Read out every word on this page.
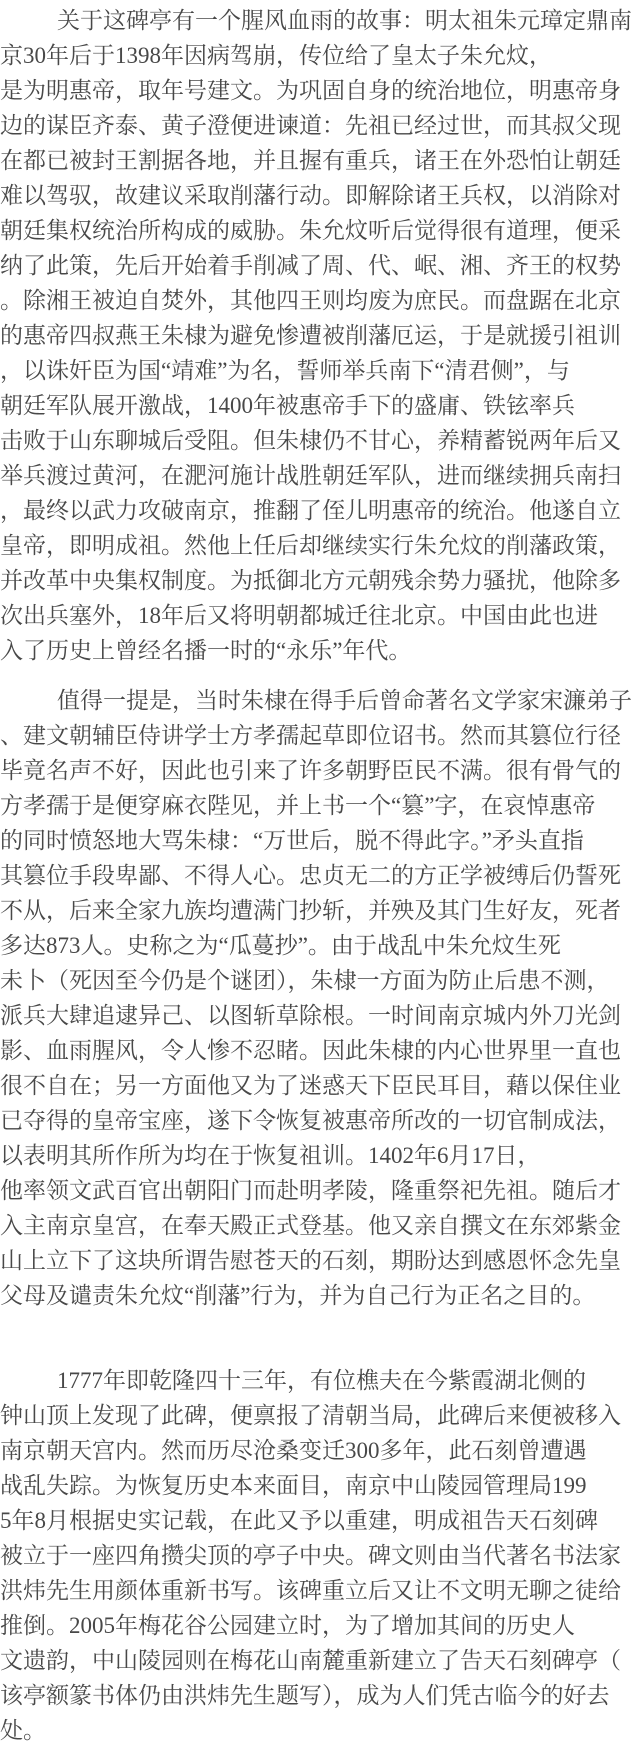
关于这碑亭有一个腥风血雨的故事：明太祖朱元璋定鼎南
京30年后于1398年因病驾崩，传位给了皇太子朱允炆，
是为明惠帝，取年号建文。为巩固自身的统治地位，明惠帝身
边的谋臣齐泰、黄子澄便进谏道：先祖已经过世，而其叔父现
在都已被封王割据各地，并且握有重兵，诸王在外恐怕让朝廷
难以驾驭，故建议采取削藩行动。即解除诸王兵权，以消除对
朝廷集权统治所构成的威胁。朱允炆听后觉得很有道理，便采
纳了此策，先后开始着手削减了周、代、岷、湘、齐王的权势
。除湘王被迫自焚外，其他四王则均废为庶民。而盘踞在北京
的惠帝四叔燕王朱棣为避免惨遭被削藩厄运，于是就援引祖训
，以诛奸臣为国“靖难”为名，誓师举兵南下“清君侧”，与
朝廷军队展开激战，1400年被惠帝手下的盛庸、铁铉率兵
击败于山东聊城后受阻。但朱棣仍不甘心，养精蓄锐两年后又
举兵渡过黄河，在淝河施计战胜朝廷军队，进而继续拥兵南扫
，最终以武力攻破南京，推翻了侄儿明惠帝的统治。他遂自立
皇帝，即明成祖。然他上任后却继续实行朱允炆的削藩政策，
并改革中央集权制度。为抵御北方元朝残余势力骚扰，他除多
次出兵塞外，18年后又将明朝都城迁往北京。中国由此也进
入了历史上曾经名播一时的“永乐”年代。

值得一提是，当时朱棣在得手后曾命著名文学家宋濂弟子
、建文朝辅臣侍讲学士方孝孺起草即位诏书。然而其篡位行径
毕竟名声不好，因此也引来了许多朝野臣民不满。很有骨气的
方孝孺于是便穿麻衣陛见，并上书一个“篡”字，在哀悼惠帝
的同时愤怒地大骂朱棣：“万世后，脱不得此字。”矛头直指
其篡位手段卑鄙、不得人心。忠贞无二的方正学被缚后仍誓死
不从，后来全家九族均遭满门抄斩，并殃及其门生好友，死者
多达873人。史称之为“瓜蔓抄”。由于战乱中朱允炆生死
未卜（死因至今仍是个谜团），朱棣一方面为防止后患不测，
派兵大肆追逮异己、以图斩草除根。一时间南京城内外刀光剑
影、血雨腥风，令人惨不忍睹。因此朱棣的内心世界里一直也
很不自在；另一方面他又为了迷惑天下臣民耳目，藉以保住业
已夺得的皇帝宝座，遂下令恢复被惠帝所改的一切官制成法，
以表明其所作所为均在于恢复祖训。1402年6月17日，
他率领文武百官出朝阳门而赴明孝陵，隆重祭祀先祖。随后才
入主南京皇宫，在奉天殿正式登基。他又亲自撰文在东郊紫金
山上立下了这块所谓告慰苍天的石刻，期盼达到感恩怀念先皇
父母及谴责朱允炆“削藩”行为，并为自己行为正名之目的。

1777年即乾隆四十三年，有位樵夫在今紫霞湖北侧的
钟山顶上发现了此碑，便禀报了清朝当局，此碑后来便被移入
南京朝天宫内。然而历尽沧桑变迁300多年，此石刻曾遭遇
战乱失踪。为恢复历史本来面目，南京中山陵园管理局199
5年8月根据史实记载，在此又予以重建，明成祖告天石刻碑
被立于一座四角攒尖顶的亭子中央。碑文则由当代著名书法家
洪炜先生用颜体重新书写。该碑重立后又让不文明无聊之徒给
推倒。2005年梅花谷公园建立时，为了增加其间的历史人
文遗韵，中山陵园则在梅花山南麓重新建立了告天石刻碑亭（
该亭额篆书体仍由洪炜先生题写），成为人们凭古临今的好去
处。
